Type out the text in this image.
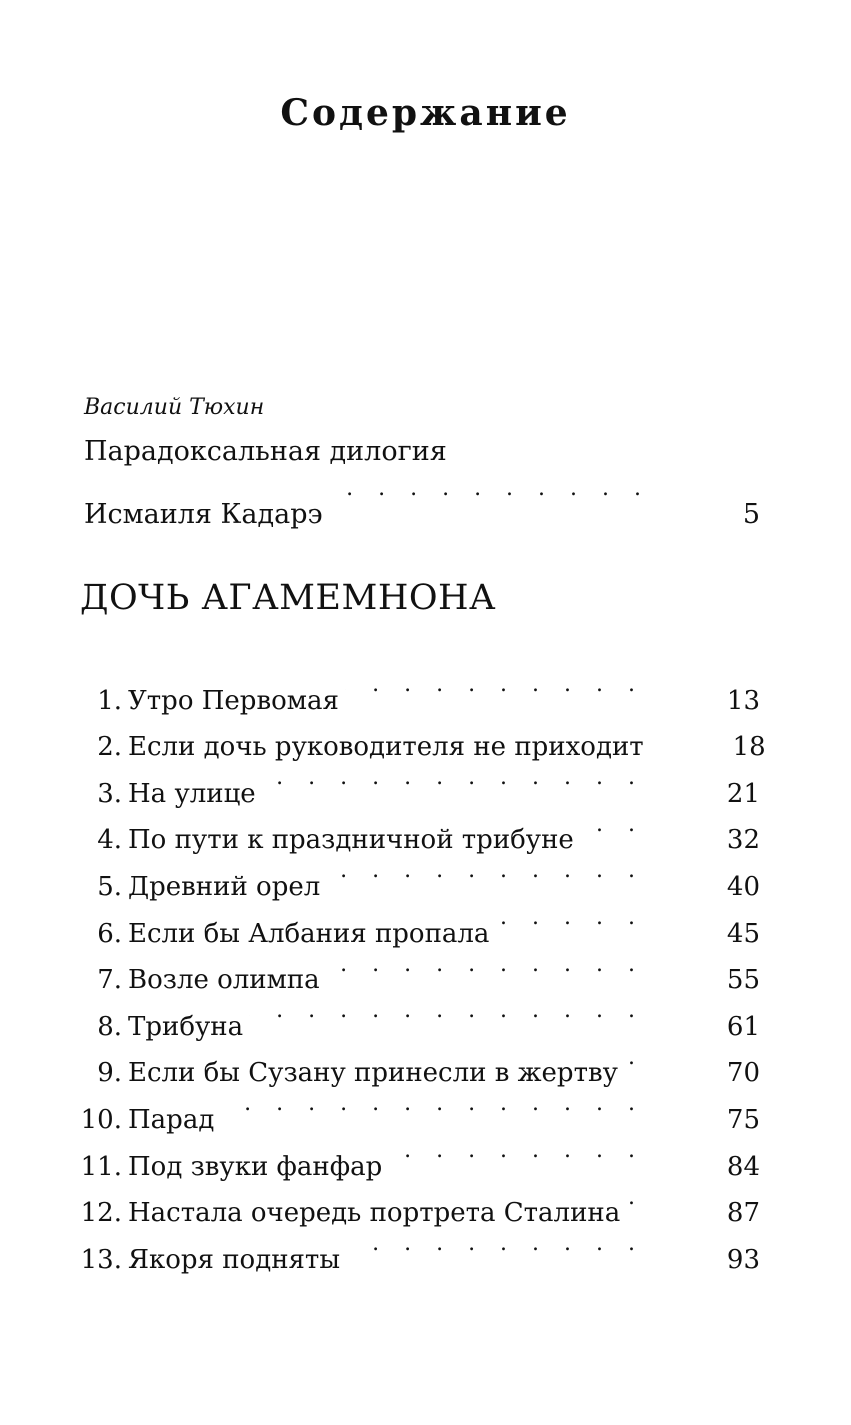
Содержание
Василий Тюхин
Парадоксальная дилогия
Исмаиля Кадарэ . . .	5
ДОЧЬ АГАМЕМНОНА
1. Утро Первомая . . .	13
2. Если дочь руководителя не приходит	18
3. На улице . . .	21
4. По пути к праздничной трибуне . . .	32
5. Древний орел . . .	40
6. Если бы Албания пропала . . .	45
7. Возле олимпа . . .	55
8. Трибуна . . .	61
9. Если бы Сузану принесли в жертву . . .	70
10. Парад . . .	75
11. Под звуки фанфар . . .	84
12. Настала очередь портрета Сталина . . .	87
13. Якоря подняты . . .	93
